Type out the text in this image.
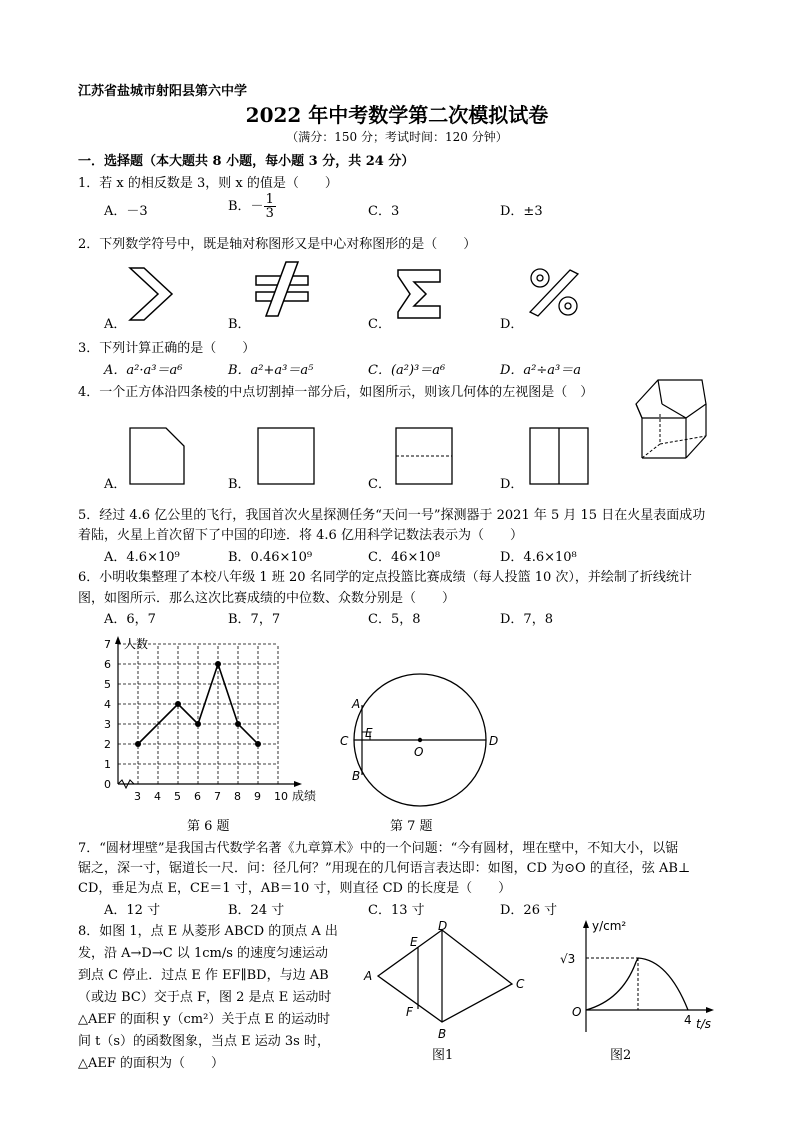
江苏省盐城市射阳县第六中学
2022 年中考数学第二次模拟试卷
（满分：150 分；考试时间：120 分钟）
一．选择题（本大题共 8 小题，每小题 3 分，共 24 分）
1．若 x 的相反数是 3，则 x 的值是（　　）
A．－3	B．－ $\frac{1}{3}$	C．3	D．±3
2．下列数学符号中，既是轴对称图形又是中心对称图形的是（　　）
A．	B．	C．	D．
3．下列计算正确的是（　　）
A．a²·a³＝a⁶	B．a²+a³＝a⁵	C．(a²)³＝a⁶	D．a²÷a³＝a
4．一个正方体沿四条棱的中点切割掉一部分后，如图所示，则该几何体的左视图是（　）
A．	B．	C．	D．
5．经过 4.6 亿公里的飞行，我国首次火星探测任务“天问一号”探测器于 2021 年 5 月 15 日在火星表面成功
着陆，火星上首次留下了中国的印迹．将 4.6 亿用科学记数法表示为（　　）
A．4.6×10⁹	B．0.46×10⁹	C．46×10⁸	D．4.6×10⁸
6．小明收集整理了本校八年级 1 班 20 名同学的定点投篮比赛成绩（每人投篮 10 次），并绘制了折线统计
图，如图所示．那么这次比赛成绩的中位数、众数分别是（　　）
A．6，7	B．7，7	C．5，8	D．7，8
人数
成绩
0
1
2
3
4
5
6
7
3 4 5 6 7 8 9 10
第 6 题
A
B
C	D
E
O
第 7 题
7．“圆材埋壁”是我国古代数学名著《九章算术》中的一个问题：“今有圆材，埋在壁中，不知大小，以锯
锯之，深一寸，锯道长一尺．问：径几何？”用现在的几何语言表达即：如图，CD 为⊙O 的直径，弦 AB⊥
CD，垂足为点 E，CE＝1 寸，AB＝10 寸，则直径 CD 的长度是（　　）
A．12 寸	B．24 寸	C．13 寸	D．26 寸
8．如图 1，点 E 从菱形 ABCD 的顶点 A 出
发，沿 A→D→C 以 1cm/s 的速度匀速运动
到点 C 停止．过点 E 作 EF∥BD，与边 AB
（或边 BC）交于点 F，图 2 是点 E 运动时
△AEF 的面积 y（cm²）关于点 E 的运动时
间 t（s）的函数图象，当点 E 运动 3s 时，
△AEF 的面积为（　　）
A
D
C
B
E
F
图1
y/cm²
t/s
O
4
√3
图2
